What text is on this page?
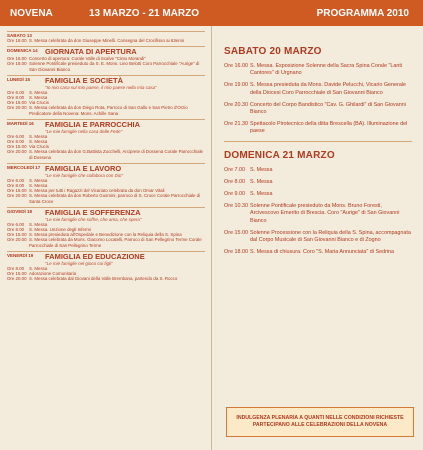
NOVENA	13 MARZO - 21 MARZO	PROGRAMMA 2010
SABATO 13
Ore 18.00 S. Messa celebrata da don Giuseppe Minelli. Consegna del Crocifisso ai 63enni
DOMENICA 14 GIORNATA DI APERTURA
Ore 16.00 Concerto di apertura: Corale Valle di Scalve "Cinto Morandi"
Ore 18.00 Solenne Pontificale presieduto da S. E. Mons. Lino Belotti Coro Parrocchiale "Aurige" di San Giovanni Bianco
LUNEDÌ 15	FAMIGLIA E SOCIETÀ
"Io mio casa sul mio paese, il mio paese nella mia casa"
Ore 6.00	S. Messa
Ore 8.00	S. Messa
Ore 15.00 Via Crucis
Ore 20.00 S. Messa celebrata da don Diego Rota, Parroco di San Gallo e San Pietro d'Orzio Predicatore della Novena: Mons. Achille Sana
MARTEDÌ 16	FAMIGLIA E PARROCCHIA
"Le mie famiglie nella casa delle Fede"
Ore 6.00	S. Messa
Ore 8.00	S. Messa
Ore 15.00 Via Crucis
Ore 20.00 S. Messa celebrata da don G.Battista Zucchelli, Arciprete di Dossena Corale Parrocchiale di Dossena
MERCOLEDÌ 17 FAMIGLIA E LAVORO
"Le mie famiglie che collabora con Dio"
Ore 6.00	S. Messa
Ore 8.00	S. Messa
Ore 15.00 S. Messa per tutti i Ragazzi del Vicariato celebrata da don Omar Vitali
Ore 20.00 S. Messa celebrata da don Roberto Gusmini, parroco di S. Croce Corale Parrocchiale di Santa Croce
GIOVEDÌ 18	FAMIGLIA E SOFFERENZA
"Le mie famiglie che soffre, che ama, che spera"
Ore 6.00	S. Messa
Ore 8.00	S. Messa. Unzione degli Infermi
Ore 15.00 S. Messa presieduta all'Ospedale e Benedizione con la Reliquia della S. Spina
Ore 20.00 S. Messa celebrata da Mons. Giacomo Locatelli, Parroco di San Pellegrino Terme Corale Parrocchiale di San Pellegrino Terme
VENERDÌ 19	FAMIGLIA ED EDUCAZIONE
"Le mie famiglie nel gioco coi figli"
Ore 8.00	S. Messa
Ore 15.00 Adorazione Comunitaria
Ore 20.00 S. Messa celebrata dal Giovani della Valle Brembana, partendo da S. Rocco
SABATO 20 MARZO
Ore 16.00 S. Messa. Esposizione Solenne della Sacra Spina Corale "Lanti Cantores" di Urgnano
Ore 19.00 S. Messa presieduta da Mons. Davide Pelucchi, Vicario Generale della Diocesi Coro Parrocchiale di San Giovanni Bianco
Ore 20.30 Concerto del Corpo Bandistico "Cav. G. Ghilardi" di San Giovanni Bianco
Ore 21.30 Spettacolo Pirotecnico della ditta Brescella (BA). Illuminazione del paese
DOMENICA 21 MARZO
Ore 7.00 S. Messa
Ore 8.00 S. Messa
Ore 9.00 S. Messa
Ore 10.30 Solenne Pontificale presieduto da Mons. Bruno Foresti, Arcivescovo Emerito di Brescia. Coro "Aurige" di San Giovanni Bianco
Ore 15.00 Solenne Processione con la Reliquia della S. Spina, accompagnata dal Corpo Musicale di San Giovanni Bianco e di Zogno
Ore 18.00 S. Messa di chiusura. Coro "S. Maria Annunciata" di Sedrina
INDULGENZA PLENARIA A QUANTI NELLE CONDIZIONI RICHIESTE PARTECIPANO ALLE CELEBRAZIONI DELLA NOVENA
